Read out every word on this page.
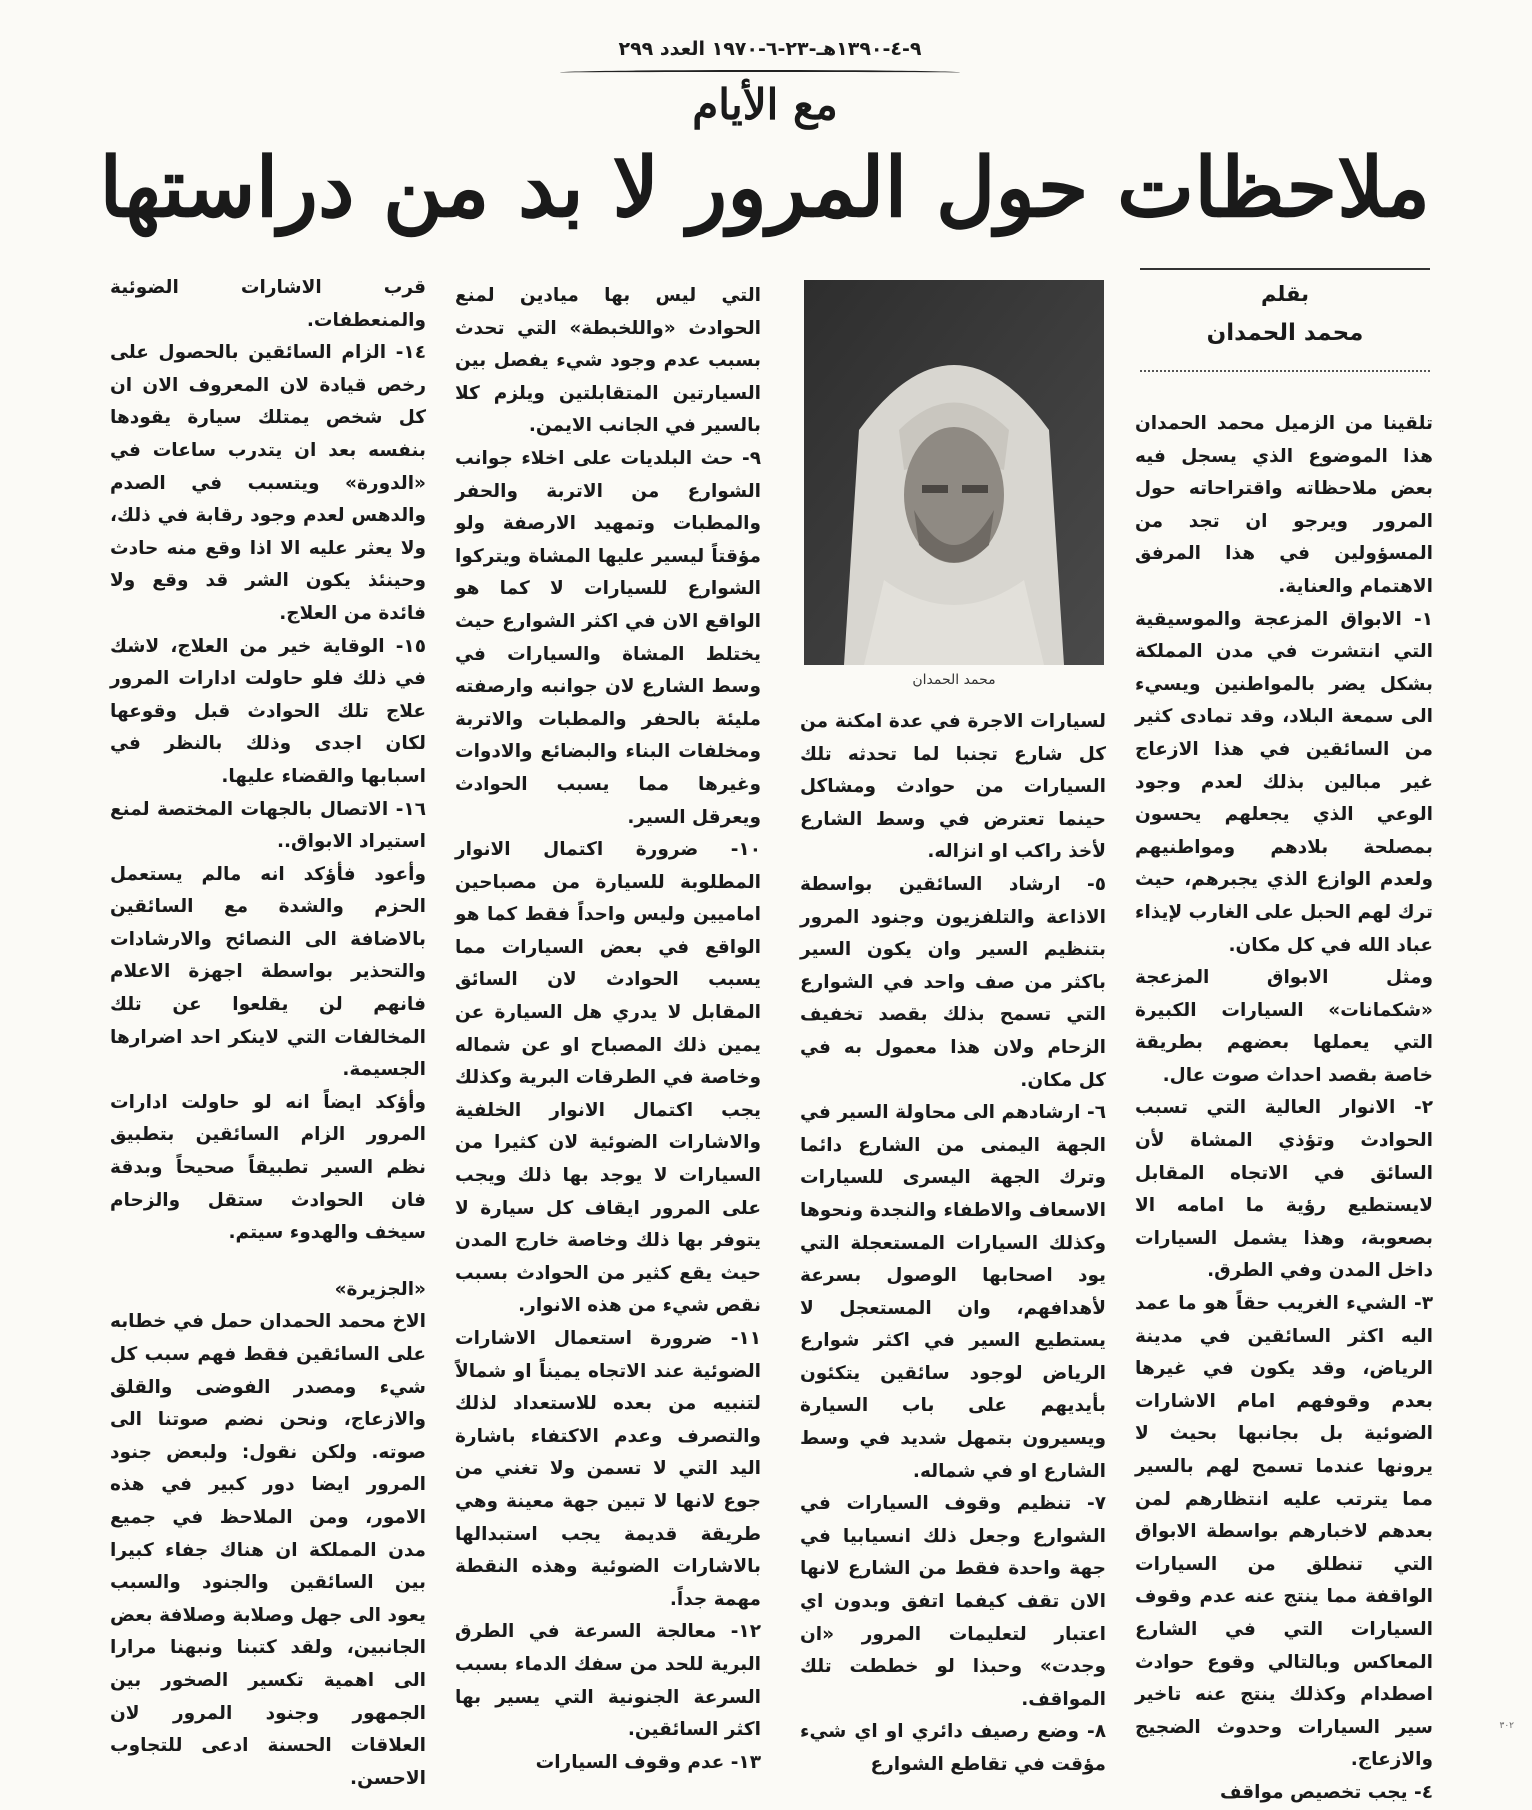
٩-٤-١٣٩٠هـ-٢٣-٦-١٩٧٠ العدد ٢٩٩
مع الأيام
ملاحظات حول المرور لا بد من دراستها
بقلم
محمد الحمدان
محمد الحمدان

تلقينا من الزميل محمد الحمدان هذا الموضوع الذي يسجل فيه بعض ملاحظاته واقتراحاته حول المرور ويرجو ان تجد من المسؤولين في هذا المرفق الاهتمام والعناية.

١- الابواق المزعجة والموسيقية التي انتشرت في مدن المملكة بشكل يضر بالمواطنين ويسيء الى سمعة البلاد، وقد تمادى كثير من السائقين في هذا الازعاج غير مبالين بذلك لعدم وجود الوعي الذي يجعلهم يحسون بمصلحة بلادهم ومواطنيهم ولعدم الوازع الذي يجبرهم، حيث ترك لهم الحبل على الغارب لإيذاء عباد الله في كل مكان.

ومثل الابواق المزعجة «شكمانات» السيارات الكبيرة التي يعملها بعضهم بطريقة خاصة بقصد احداث صوت عال.

٢- الانوار العالية التي تسبب الحوادث وتؤذي المشاة لأن السائق في الاتجاه المقابل لايستطيع رؤية ما امامه الا بصعوبة، وهذا يشمل السيارات داخل المدن وفي الطرق.

٣- الشيء الغريب حقاً هو ما عمد اليه اكثر السائقين في مدينة الرياض، وقد يكون في غيرها بعدم وقوفهم امام الاشارات الضوئية بل بجانبها بحيث لا يرونها عندما تسمح لهم بالسير مما يترتب عليه انتظارهم لمن بعدهم لاخبارهم بواسطة الابواق التي تنطلق من السيارات الواقفة مما ينتج عنه عدم وقوف السيارات التي في الشارع المعاكس وبالتالي وقوع حوادث اصطدام وكذلك ينتج عنه تاخير سير السيارات وحدوث الضجيج والازعاج.

٤- يجب تخصيص مواقف

لسيارات الاجرة في عدة امكنة من كل شارع تجنبا لما تحدثه تلك السيارات من حوادث ومشاكل حينما تعترض في وسط الشارع لأخذ راكب او انزاله.

٥- ارشاد السائقين بواسطة الاذاعة والتلفزيون وجنود المرور بتنظيم السير وان يكون السير باكثر من صف واحد في الشوارع التي تسمح بذلك بقصد تخفيف الزحام ولان هذا معمول به في كل مكان.

٦- ارشادهم الى محاولة السير في الجهة اليمنى من الشارع دائما وترك الجهة اليسرى للسيارات الاسعاف والاطفاء والنجدة ونحوها وكذلك السيارات المستعجلة التي يود اصحابها الوصول بسرعة لأهدافهم، وان المستعجل لا يستطيع السير في اكثر شوارع الرياض لوجود سائقين يتكئون بأيديهم على باب السيارة ويسيرون بتمهل شديد في وسط الشارع او في شماله.

٧- تنظيم وقوف السيارات في الشوارع وجعل ذلك انسيابيا في جهة واحدة فقط من الشارع لانها الان تقف كيفما اتفق وبدون اي اعتبار لتعليمات المرور «ان وجدت» وحبذا لو خططت تلك المواقف.

٨- وضع رصيف دائري او اي شيء مؤقت في تقاطع الشوارع

التي ليس بها ميادين لمنع الحوادث «واللخبطة» التي تحدث بسبب عدم وجود شيء يفصل بين السيارتين المتقابلتين ويلزم كلا بالسير في الجانب الايمن.

٩- حث البلديات على اخلاء جوانب الشوارع من الاتربة والحفر والمطبات وتمهيد الارصفة ولو مؤقتاً ليسير عليها المشاة ويتركوا الشوارع للسيارات لا كما هو الواقع الان في اكثر الشوارع حيث يختلط المشاة والسيارات في وسط الشارع لان جوانبه وارصفته مليئة بالحفر والمطبات والاتربة ومخلفات البناء والبضائع والادوات وغيرها مما يسبب الحوادث ويعرقل السير.

١٠- ضرورة اكتمال الانوار المطلوبة للسيارة من مصباحين اماميين وليس واحداً فقط كما هو الواقع في بعض السيارات مما يسبب الحوادث لان السائق المقابل لا يدري هل السيارة عن يمين ذلك المصباح او عن شماله وخاصة في الطرقات البرية وكذلك يجب اكتمال الانوار الخلفية والاشارات الضوئية لان كثيرا من السيارات لا يوجد بها ذلك ويجب على المرور ايقاف كل سيارة لا يتوفر بها ذلك وخاصة خارج المدن حيث يقع كثير من الحوادث بسبب نقص شيء من هذه الانوار.

١١- ضرورة استعمال الاشارات الضوئية عند الاتجاه يميناً او شمالاً لتنبيه من بعده للاستعداد لذلك والتصرف وعدم الاكتفاء باشارة اليد التي لا تسمن ولا تغني من جوع لانها لا تبين جهة معينة وهي طريقة قديمة يجب استبدالها بالاشارات الضوئية وهذه النقطة مهمة جداً.

١٢- معالجة السرعة في الطرق البرية للحد من سفك الدماء بسبب السرعة الجنونية التي يسير بها اكثر السائقين.

١٣- عدم وقوف السيارات

قرب الاشارات الضوئية والمنعطفات.

١٤- الزام السائقين بالحصول على رخص قيادة لان المعروف الان ان كل شخص يمتلك سيارة يقودها بنفسه بعد ان يتدرب ساعات في «الدورة» ويتسبب في الصدم والدهس لعدم وجود رقابة في ذلك، ولا يعثر عليه الا اذا وقع منه حادث وحينئذ يكون الشر قد وقع ولا فائدة من العلاج.

١٥- الوقاية خير من العلاج، لاشك في ذلك فلو حاولت ادارات المرور علاج تلك الحوادث قبل وقوعها لكان اجدى وذلك بالنظر في اسبابها والقضاء عليها.

١٦- الاتصال بالجهات المختصة لمنع استيراد الابواق..

وأعود فأؤكد انه مالم يستعمل الحزم والشدة مع السائقين بالاضافة الى النصائح والارشادات والتحذير بواسطة اجهزة الاعلام فانهم لن يقلعوا عن تلك المخالفات التي لاينكر احد اضرارها الجسيمة.

وأؤكد ايضاً انه لو حاولت ادارات المرور الزام السائقين بتطبيق نظم السير تطبيقاً صحيحاً وبدقة فان الحوادث ستقل والزحام سيخف والهدوء سيتم.

«الجزيرة»

الاخ محمد الحمدان حمل في خطابه على السائقين فقط فهم سبب كل شيء ومصدر الفوضى والقلق والازعاج، ونحن نضم صوتنا الى صوته. ولكن نقول: ولبعض جنود المرور ايضا دور كبير في هذه الامور، ومن الملاحظ في جميع مدن المملكة ان هناك جفاء كبيرا بين السائقين والجنود والسبب يعود الى جهل وصلابة وصلافة بعض الجانبين، ولقد كتبنا ونبهنا مرارا الى اهمية تكسير الصخور بين الجمهور وجنود المرور لان العلاقات الحسنة ادعى للتجاوب الاحسن.

٣٠٢
